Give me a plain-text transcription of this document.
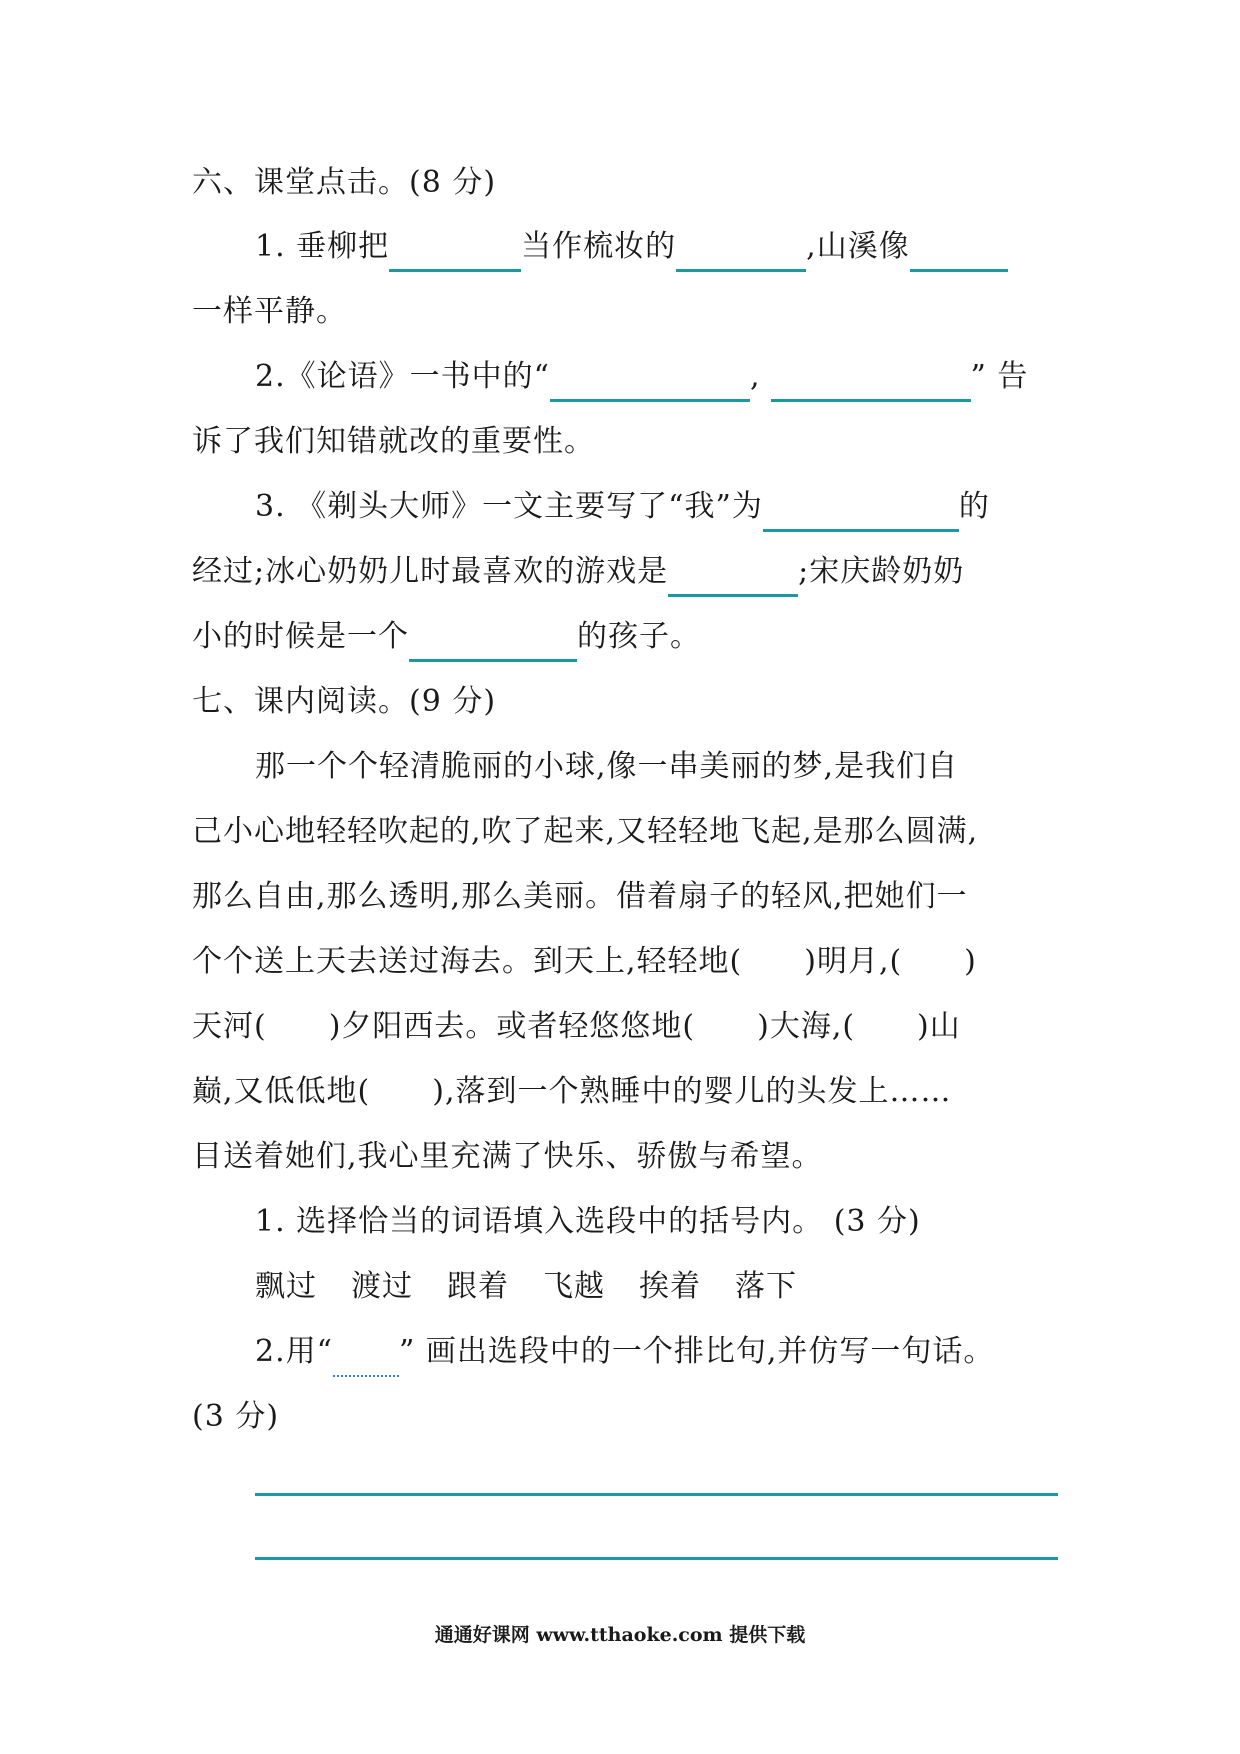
六、课堂点击。(8 分)
1. 垂柳把	当作梳妆的	,山溪像
一样平静。
2.《论语》一书中的“	,	” 告
诉了我们知错就改的重要性。
3. 《剃头大师》一文主要写了“我”为	的
经过;冰心奶奶儿时最喜欢的游戏是	;宋庆龄奶奶
小的时候是一个	的孩子。
七、课内阅读。(9 分)
那一个个轻清脆丽的小球,像一串美丽的梦,是我们自
己小心地轻轻吹起的,吹了起来,又轻轻地飞起,是那么圆满,
那么自由,那么透明,那么美丽。借着扇子的轻风,把她们一
个个送上天去送过海去。到天上,轻轻地(　　)明月,(　　)
天河(　　)夕阳西去。或者轻悠悠地(　　)大海,(　　)山
巅,又低低地(　　),落到一个熟睡中的婴儿的头发上……
目送着她们,我心里充满了快乐、骄傲与希望。
1. 选择恰当的词语填入选段中的括号内。 (3 分)
飘过 渡过 跟着 飞越 挨着 落下
2.用“ ” 画出选段中的一个排比句,并仿写一句话。
(3 分)
通通好课网 www.tthaoke.com 提供下载
